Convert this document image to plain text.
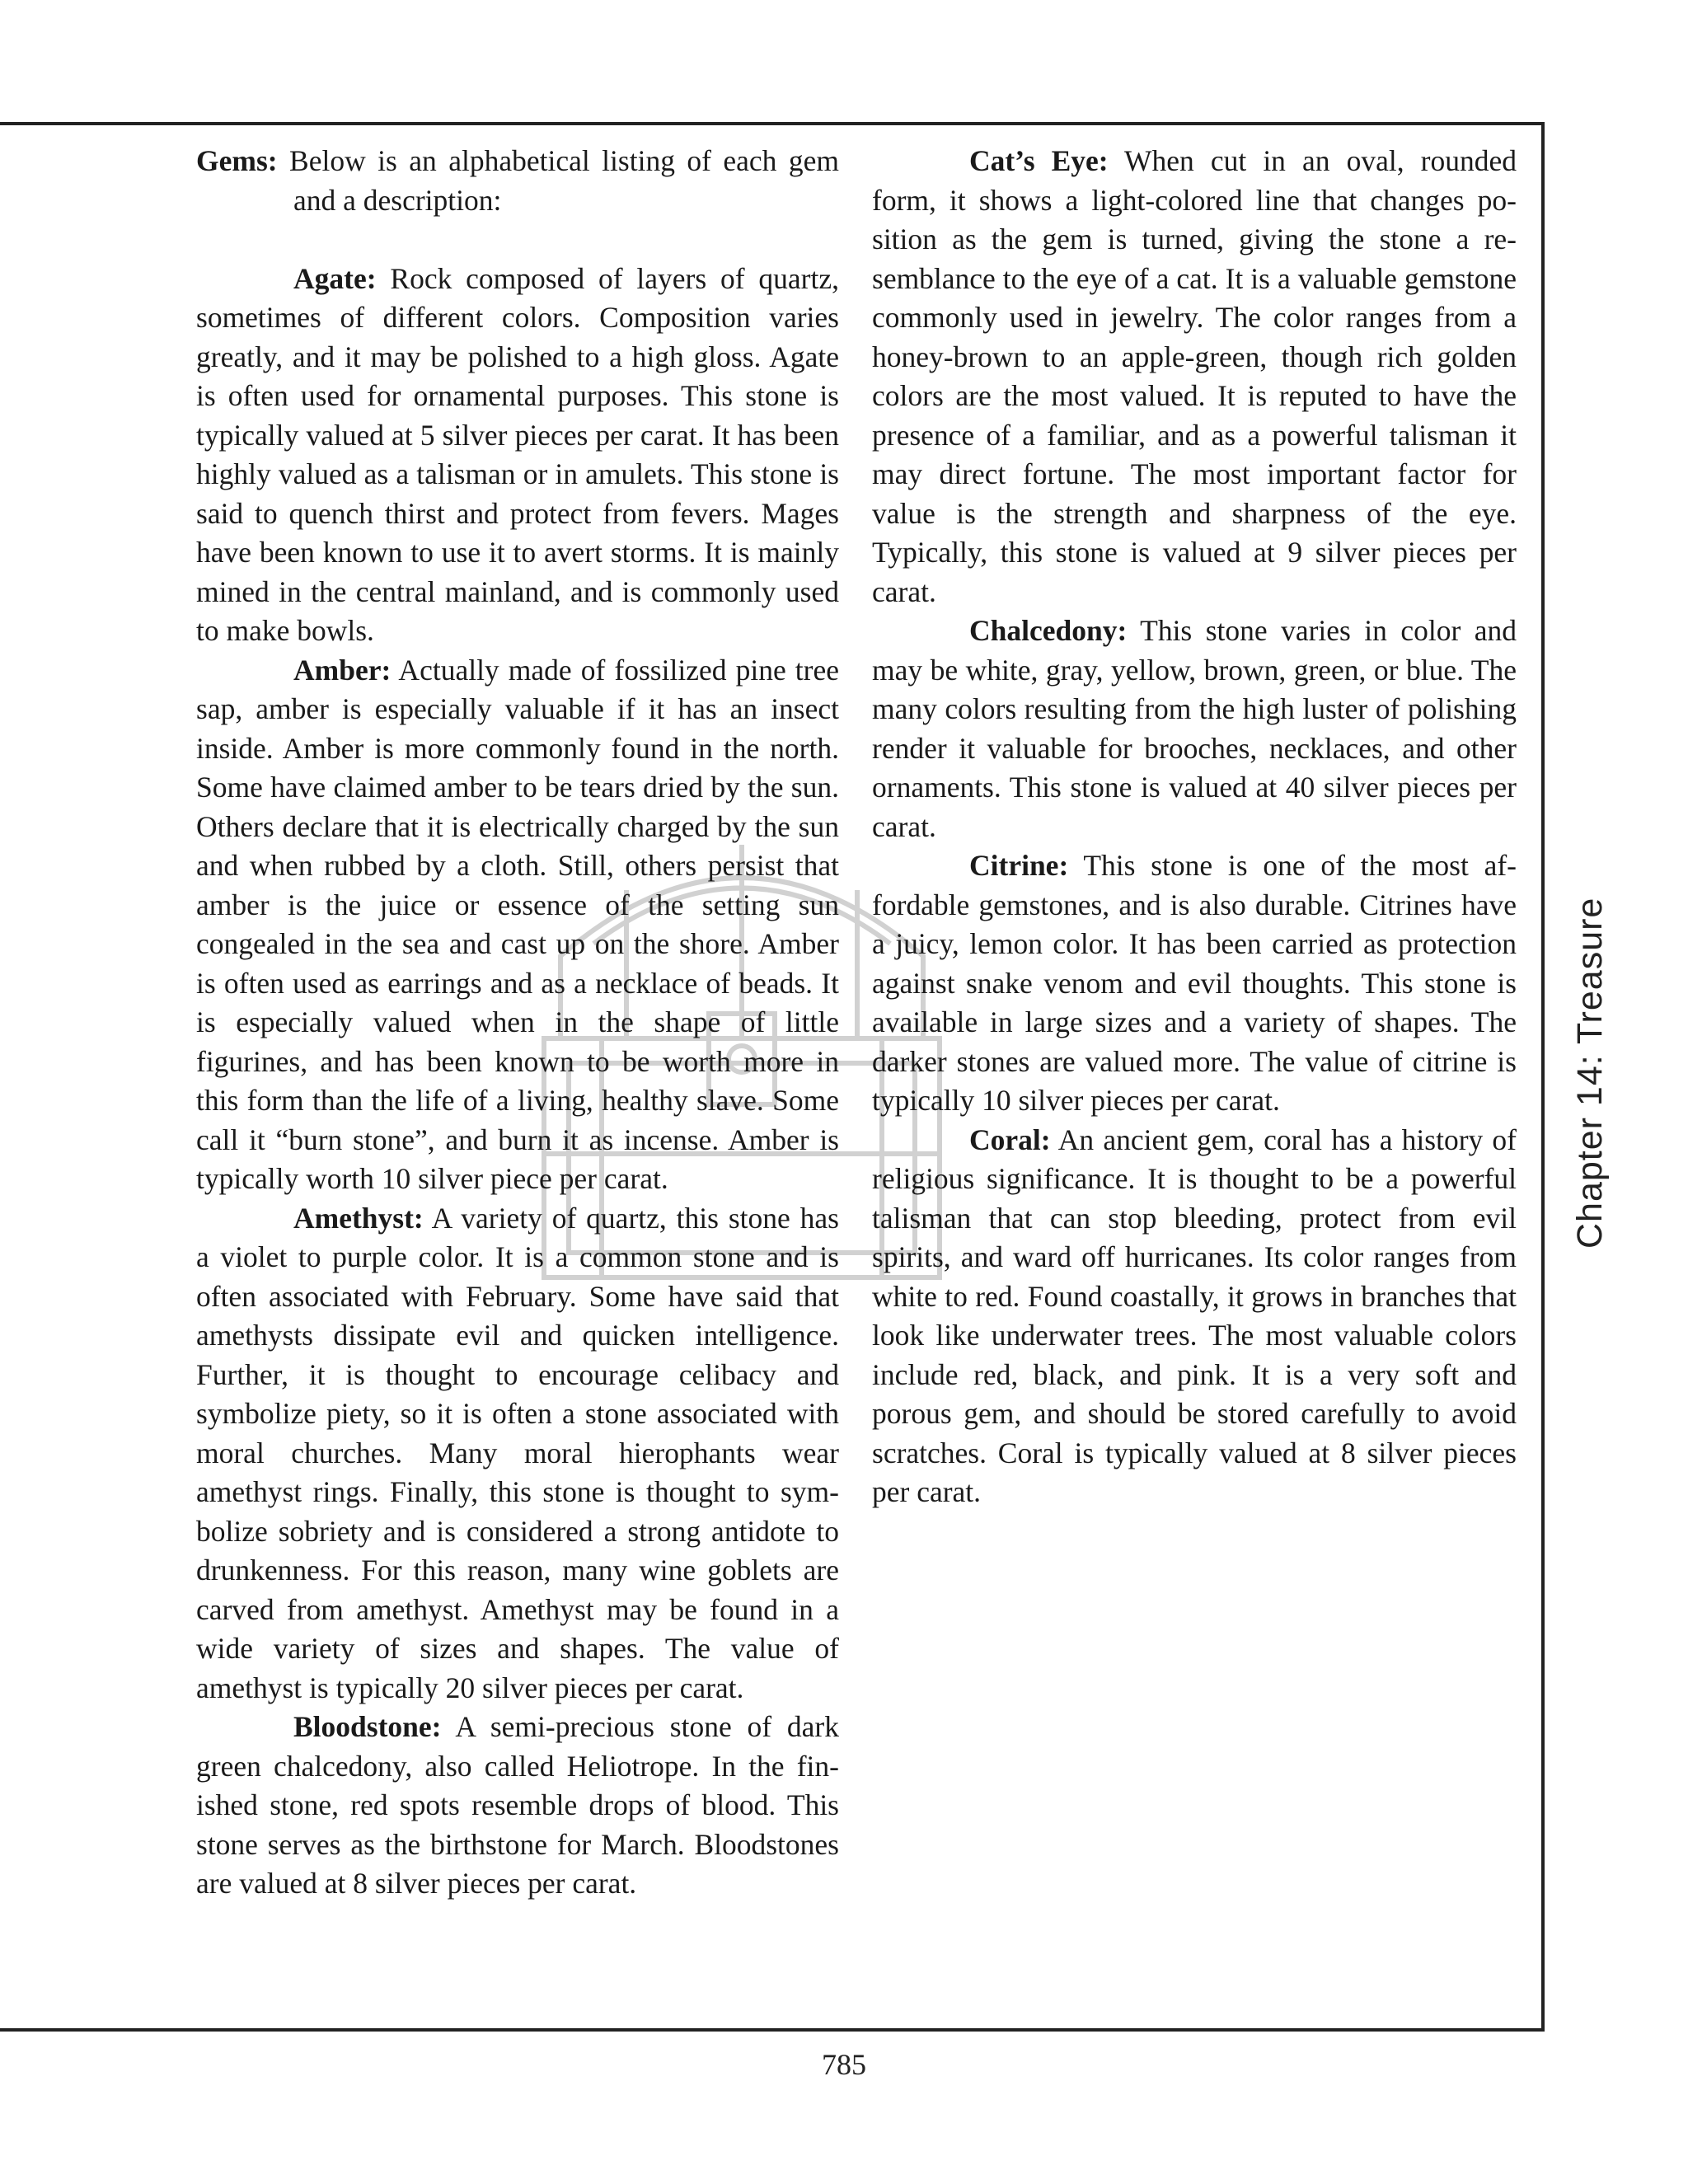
Gems: Below is an alphabetical listing of each gem and a description:

Agate: Rock composed of layers of quartz, sometimes of different colors. Composition varies greatly, and it may be polished to a high gloss. Agate is often used for ornamental purposes. This stone is typically valued at 5 silver pieces per carat. It has been highly valued as a talisman or in amulets. This stone is said to quench thirst and protect from fevers. Mages have been known to use it to avert storms. It is mainly mined in the central mainland, and is commonly used to make bowls.

Amber: Actually made of fossilized pine tree sap, amber is especially valuable if it has an insect inside. Amber is more commonly found in the north. Some have claimed amber to be tears dried by the sun. Others declare that it is electrically charged by the sun and when rubbed by a cloth. Still, others persist that amber is the juice or essence of the setting sun congealed in the sea and cast up on the shore. Amber is often used as earrings and as a necklace of beads. It is especially valued when in the shape of little figurines, and has been known to be worth more in this form than the life of a living, healthy slave. Some call it “burn stone”, and burn it as incense. Amber is typically worth 10 silver piece per carat.

Amethyst: A variety of quartz, this stone has a violet to purple color. It is a common stone and is often associated with February. Some have said that amethysts dissipate evil and quicken intelligence. Further, it is thought to encourage celibacy and symbolize piety, so it is often a stone associated with moral churches. Many moral hierophants wear amethyst rings. Finally, this stone is thought to symbolize sobriety and is considered a strong antidote to drunkenness. For this reason, many wine goblets are carved from amethyst. Amethyst may be found in a wide variety of sizes and shapes. The value of amethyst is typically 20 silver pieces per carat.

Bloodstone: A semi-precious stone of dark green chalcedony, also called Heliotrope. In the finished stone, red spots resemble drops of blood. This stone serves as the birthstone for March. Bloodstones are valued at 8 silver pieces per carat.

Cat’s Eye: When cut in an oval, rounded form, it shows a light-colored line that changes position as the gem is turned, giving the stone a resemblance to the eye of a cat. It is a valuable gemstone commonly used in jewelry. The color ranges from a honey-brown to an apple-green, though rich golden colors are the most valued. It is reputed to have the presence of a familiar, and as a powerful talisman it may direct fortune. The most important factor for value is the strength and sharpness of the eye. Typically, this stone is valued at 9 silver pieces per carat.

Chalcedony: This stone varies in color and may be white, gray, yellow, brown, green, or blue. The many colors resulting from the high luster of polishing render it valuable for brooches, necklaces, and other ornaments. This stone is valued at 40 silver pieces per carat.

Citrine: This stone is one of the most affordable gemstones, and is also durable. Citrines have a juicy, lemon color. It has been carried as protection against snake venom and evil thoughts. This stone is available in large sizes and a variety of shapes. The darker stones are valued more. The value of citrine is typically 10 silver pieces per carat.

Coral: An ancient gem, coral has a history of religious significance. It is thought to be a powerful talisman that can stop bleeding, protect from evil spirits, and ward off hurricanes. Its color ranges from white to red. Found coastally, it grows in branches that look like underwater trees. The most valuable colors include red, black, and pink. It is a very soft and porous gem, and should be stored carefully to avoid scratches. Coral is typically valued at 8 silver pieces per carat.

Chapter 14: Treasure
785
